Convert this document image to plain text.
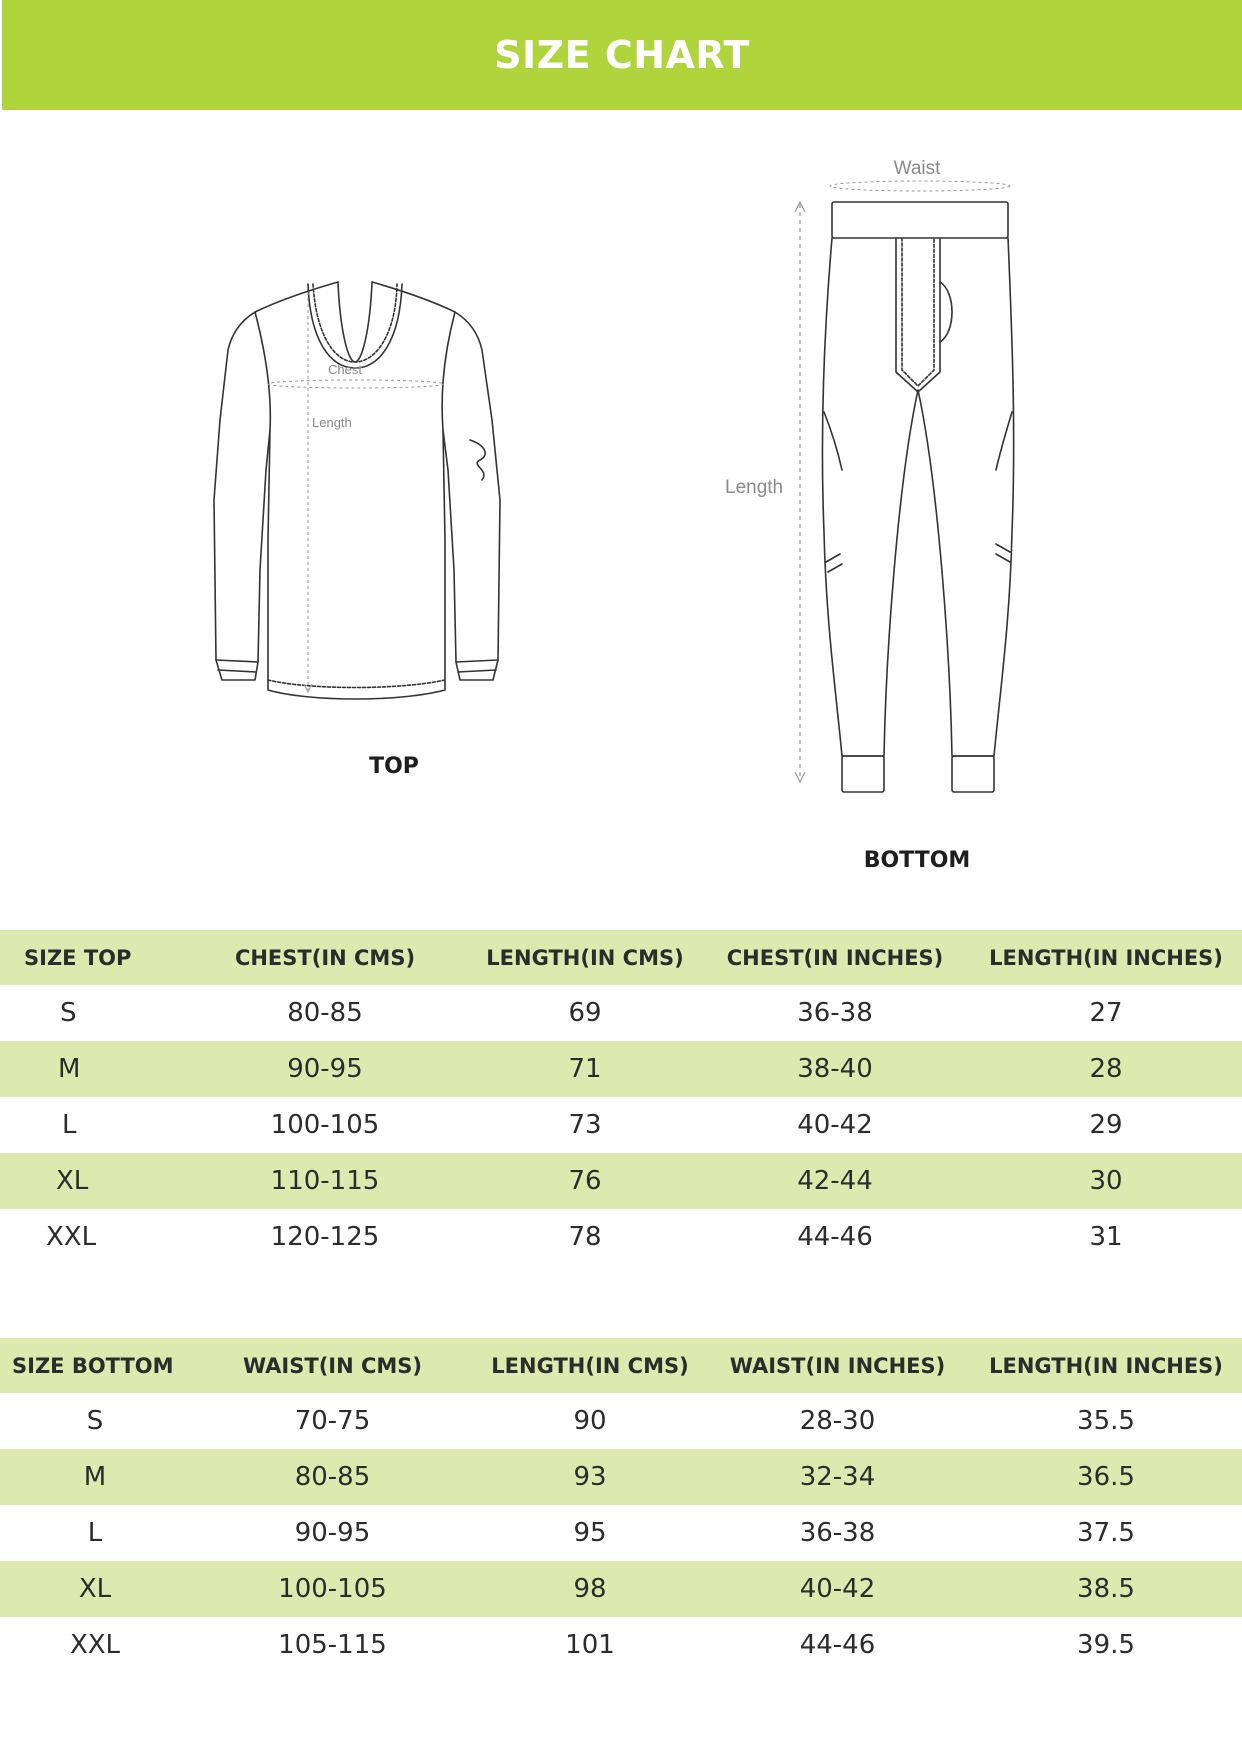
SIZE CHART
Chest
Length
TOP
Waist
Length
BOTTOM
SIZE TOP	CHEST(IN CMS)	LENGTH(IN CMS)	CHEST(IN INCHES)	LENGTH(IN INCHES)
S	80-85	69	36-38	27
M	90-95	71	38-40	28
L	100-105	73	40-42	29
XL	110-115	76	42-44	30
XXL	120-125	78	44-46	31
SIZE BOTTOM	WAIST(IN CMS)	LENGTH(IN CMS)	WAIST(IN INCHES)	LENGTH(IN INCHES)
S	70-75	90	28-30	35.5
M	80-85	93	32-34	36.5
L	90-95	95	36-38	37.5
XL	100-105	98	40-42	38.5
XXL	105-115	101	44-46	39.5
